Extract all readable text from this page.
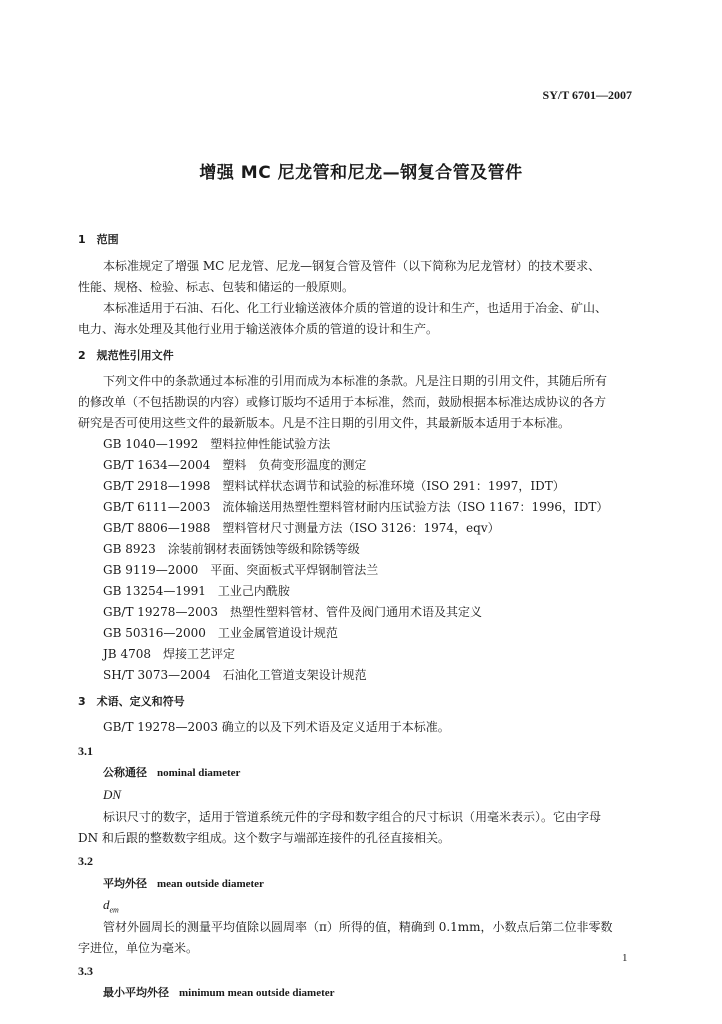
SY/T 6701—2007
增强 MC 尼龙管和尼龙—钢复合管及管件
1　范围
本标准规定了增强 MC 尼龙管、尼龙—钢复合管及管件（以下简称为尼龙管材）的技术要求、
性能、规格、检验、标志、包装和储运的一般原则。
本标准适用于石油、石化、化工行业输送液体介质的管道的设计和生产，也适用于冶金、矿山、
电力、海水处理及其他行业用于输送液体介质的管道的设计和生产。
2　规范性引用文件
下列文件中的条款通过本标准的引用而成为本标准的条款。凡是注日期的引用文件，其随后所有
的修改单（不包括勘误的内容）或修订版均不适用于本标准，然而，鼓励根据本标准达成协议的各方
研究是否可使用这些文件的最新版本。凡是不注日期的引用文件，其最新版本适用于本标准。
GB 1040—1992　塑料拉伸性能试验方法
GB/T 1634—2004　塑料　负荷变形温度的测定
GB/T 2918—1998　塑料试样状态调节和试验的标准环境（ISO 291：1997，IDT）
GB/T 6111—2003　流体输送用热塑性塑料管材耐内压试验方法（ISO 1167：1996，IDT）
GB/T 8806—1988　塑料管材尺寸测量方法（ISO 3126：1974，eqv）
GB 8923　涂装前钢材表面锈蚀等级和除锈等级
GB 9119—2000　平面、突面板式平焊钢制管法兰
GB 13254—1991　工业己内酰胺
GB/T 19278—2003　热塑性塑料管材、管件及阀门通用术语及其定义
GB 50316—2000　工业金属管道设计规范
JB 4708　焊接工艺评定
SH/T 3073—2004　石油化工管道支架设计规范
3　术语、定义和符号
GB/T 19278—2003 确立的以及下列术语及定义适用于本标准。
3.1
公称通径 nominal diameter
DN
标识尺寸的数字，适用于管道系统元件的字母和数字组合的尺寸标识（用毫米表示）。它由字母
DN 和后跟的整数数字组成。这个数字与端部连接件的孔径直接相关。
3.2
平均外径 mean outside diameter
$d_{em}$
管材外圆周长的测量平均值除以圆周率（π）所得的值，精确到 0.1mm，小数点后第二位非零数
字进位，单位为毫米。
3.3
最小平均外径 minimum mean outside diameter
1
